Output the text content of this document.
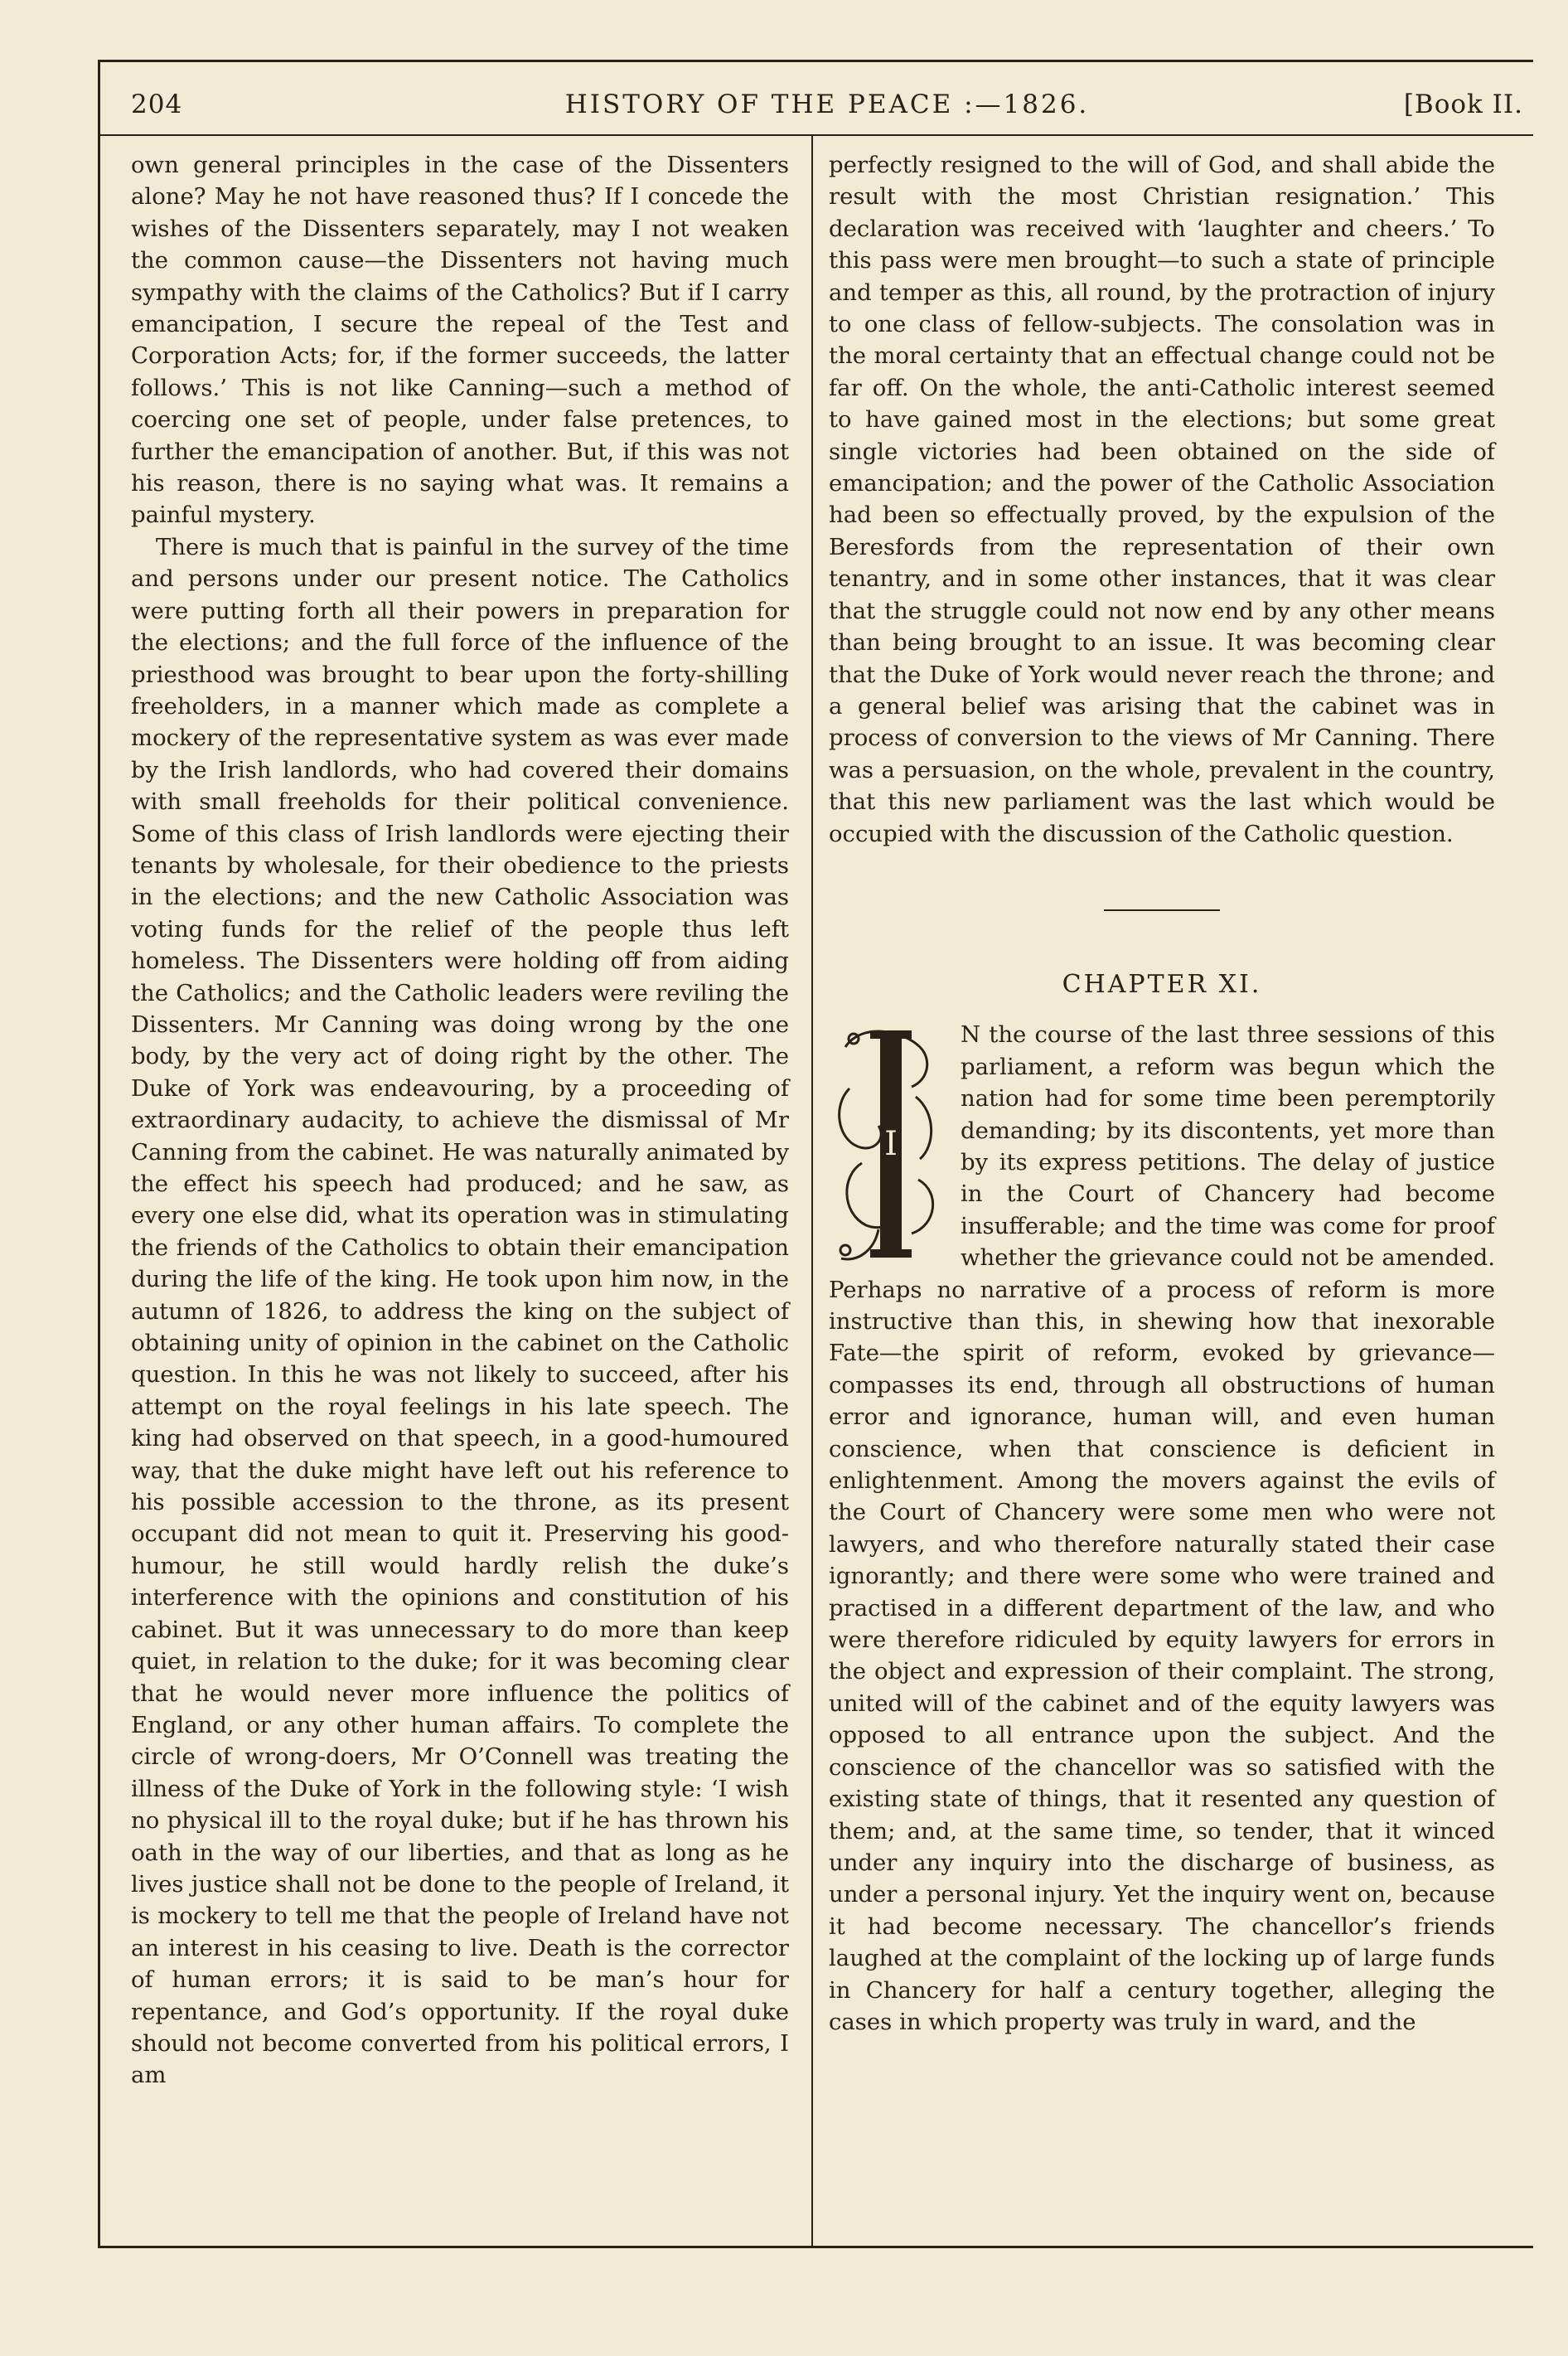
204	HISTORY OF THE PEACE :—1826.	[Book II.

own general principles in the case of the Dissenters alone? May he not have reasoned thus? If I concede the wishes of the Dissenters separately, may I not weaken the common cause—the Dissenters not having much sympathy with the claims of the Catholics? But if I carry emancipation, I secure the repeal of the Test and Corporation Acts; for, if the former succeeds, the latter follows.’ This is not like Canning—such a method of coercing one set of people, under false pretences, to further the emancipation of another. But, if this was not his reason, there is no saying what was. It remains a painful mystery.

There is much that is painful in the survey of the time and persons under our present notice. The Catholics were putting forth all their powers in preparation for the elections; and the full force of the influence of the priesthood was brought to bear upon the forty-shilling freeholders, in a manner which made as complete a mockery of the representative system as was ever made by the Irish landlords, who had covered their domains with small freeholds for their political convenience. Some of this class of Irish landlords were ejecting their tenants by wholesale, for their obedience to the priests in the elections; and the new Catholic Association was voting funds for the relief of the people thus left homeless. The Dissenters were holding off from aiding the Catholics; and the Catholic leaders were reviling the Dissenters. Mr Canning was doing wrong by the one body, by the very act of doing right by the other. The Duke of York was endeavouring, by a proceeding of extraordinary audacity, to achieve the dismissal of Mr Canning from the cabinet. He was naturally animated by the effect his speech had produced; and he saw, as every one else did, what its operation was in stimulating the friends of the Catholics to obtain their emancipation during the life of the king. He took upon him now, in the autumn of 1826, to address the king on the subject of obtaining unity of opinion in the cabinet on the Catholic question. In this he was not likely to succeed, after his attempt on the royal feelings in his late speech. The king had observed on that speech, in a good-humoured way, that the duke might have left out his reference to his possible accession to the throne, as its present occupant did not mean to quit it. Preserving his good-humour, he still would hardly relish the duke’s interference with the opinions and constitution of his cabinet. But it was unnecessary to do more than keep quiet, in relation to the duke; for it was becoming clear that he would never more influence the politics of England, or any other human affairs. To complete the circle of wrong-doers, Mr O’Connell was treating the illness of the Duke of York in the following style: ‘I wish no physical ill to the royal duke; but if he has thrown his oath in the way of our liberties, and that as long as he lives justice shall not be done to the people of Ireland, it is mockery to tell me that the people of Ireland have not an interest in his ceasing to live. Death is the corrector of human errors; it is said to be man’s hour for repentance, and God’s opportunity. If the royal duke should not become converted from his political errors, I am

perfectly resigned to the will of God, and shall abide the result with the most Christian resignation.’ This declaration was received with ‘laughter and cheers.’ To this pass were men brought—to such a state of principle and temper as this, all round, by the protraction of injury to one class of fellow-subjects. The consolation was in the moral certainty that an effectual change could not be far off. On the whole, the anti-Catholic interest seemed to have gained most in the elections; but some great single victories had been obtained on the side of emancipation; and the power of the Catholic Association had been so effectually proved, by the expulsion of the Beresfords from the representation of their own tenantry, and in some other instances, that it was clear that the struggle could not now end by any other means than being brought to an issue. It was becoming clear that the Duke of York would never reach the throne; and a general belief was arising that the cabinet was in process of conversion to the views of Mr Canning. There was a persuasion, on the whole, prevalent in the country, that this new parliament was the last which would be occupied with the discussion of the Catholic question.

CHAPTER XI.

I
N the course of the last three sessions of this parliament, a reform was begun which the nation had for some time been peremptorily demanding; by its discontents, yet more than by its express petitions. The delay of justice in the Court of Chancery had become insufferable; and the time was come for proof whether the grievance could not be amended. Perhaps no narrative of a process of reform is more instructive than this, in shewing how that inexorable Fate—the spirit of reform, evoked by grievance—compasses its end, through all obstructions of human error and ignorance, human will, and even human conscience, when that conscience is deficient in enlightenment. Among the movers against the evils of the Court of Chancery were some men who were not lawyers, and who therefore naturally stated their case ignorantly; and there were some who were trained and practised in a different department of the law, and who were therefore ridiculed by equity lawyers for errors in the object and expression of their complaint. The strong, united will of the cabinet and of the equity lawyers was opposed to all entrance upon the subject. And the conscience of the chancellor was so satisfied with the existing state of things, that it resented any question of them; and, at the same time, so tender, that it winced under any inquiry into the discharge of business, as under a personal injury. Yet the inquiry went on, because it had become necessary. The chancellor’s friends laughed at the complaint of the locking up of large funds in Chancery for half a century together, alleging the cases in which property was truly in ward, and the
